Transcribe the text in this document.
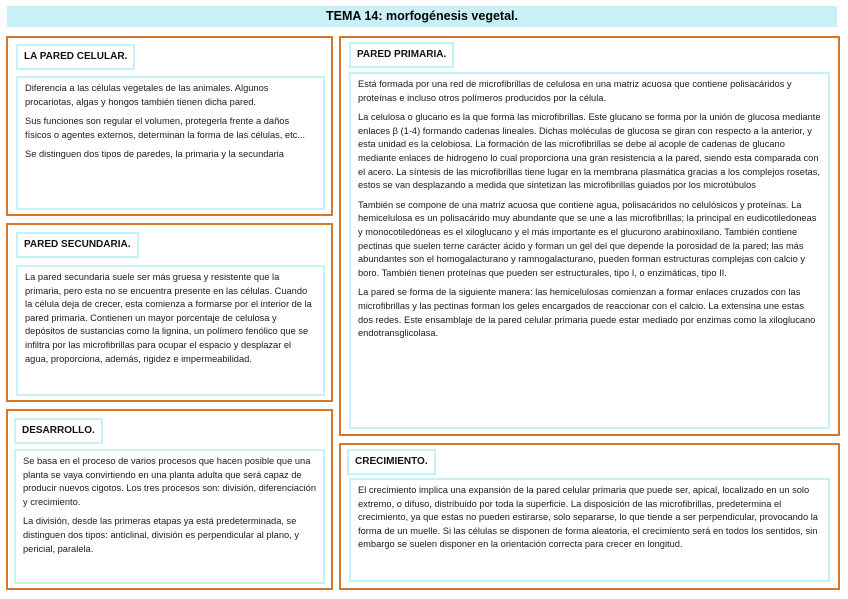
TEMA 14: morfogénesis vegetal.
LA PARED CELULAR.

Diferencia a las células vegetales de las animales. Algunos procariotas, algas y hongos también tienen dicha pared.

Sus funciones son regular el volumen, protegerla frente a daños físicos o agentes externos, determinan la forma de las células, etc...

Se distinguen dos tipos de paredes, la primaria y la secundaria

PARED SECUNDARIA.

La pared secundaria suele ser más gruesa y resistente que la primaria, pero esta no se encuentra presente en las células. Cuando la célula deja de crecer, esta comienza a formarse por el interior de la pared primaria. Contienen un mayor porcentaje de celulosa y depósitos de sustancias como la lignina, un polímero fenólico que se infiltra por las microfibrillas para ocupar el espacio y desplazar el agua, proporciona, además, rigidez e impermeabilidad.

DESARROLLO.

Se basa en el proceso de varios procesos que hacen posible que una planta se vaya convirtiendo en una planta adulta que será capaz de producir nuevos cigotos. Los tres procesos son: división, diferenciación y crecimiento.

La división, desde las primeras etapas ya está predeterminada, se distinguen dos tipos: anticlinal, división es perpendicular al plano, y pericial, paralela.

PARED PRIMARIA.

Está formada por una red de microfibrillas de celulosa en una matriz acuosa que contiene polisacáridos y proteínas e incluso otros polímeros producidos por la célula.

La celulosa o glucano es la que forma las microfibrillas. Este glucano se forma por la unión de glucosa mediante enlaces β (1-4) formando cadenas lineales. Dichas moléculas de glucosa se giran con respecto a la anterior, y esta unidad es la celobiosa. La formación de las microfibrillas se debe al acople de cadenas de glucano mediante enlaces de hidrogeno lo cual proporciona una gran resistencia a la pared, siendo esta comparada con el acero. La síntesis de las microfibrillas tiene lugar en la membrana plasmática gracias a los complejos rosetas, estos se van desplazando a medida que sintetizan las microfibrillas guiados por los microtúbulos

También se compone de una matriz acuosa que contiene agua, polisacáridos no celulósicos y proteínas. La hemicelulosa es un polisacárido muy abundante que se une a las microfibrillas; la principal en eudicotiledoneas y monocotiledóneas es el xiloglucano y el más importante es el glucurono arabinoxilano. También contiene pectinas que suelen terne carácter ácido y forman un gel del que depende la porosidad de la pared; las más abundantes son el homogalacturano y ramnogalacturano, pueden forman estructuras complejas con calcio y boro. También tienen proteínas que pueden ser estructurales, tipo I, o enzimáticas, tipo II.

La pared se forma de la siguiente manera: las hemicelulosas comienzan a formar enlaces cruzados con las microfibrillas y las pectinas forman los geles encargados de reaccionar con el calcio. La extensina une estas dos redes. Este ensamblaje de la pared celular primaria puede estar mediado por enzimas como la xiloglucano endotransglicolasa.

CRECIMIENTO.

El crecimiento implica una expansión de la pared celular primaria que puede ser, apical, localizado en un solo extremo, o difuso, distribuido por toda la superficie. La disposición de las microfibrillas, predetermina el crecimiento, ya que estas no pueden estirarse, solo separarse, lo que tiende a ser perpendicular, provocando la forma de un muelle. Si las células se disponen de forma aleatoria, el crecimiento será en todos los sentidos, sin embargo se suelen disponer en la orientación correcta para crecer en longitud.
